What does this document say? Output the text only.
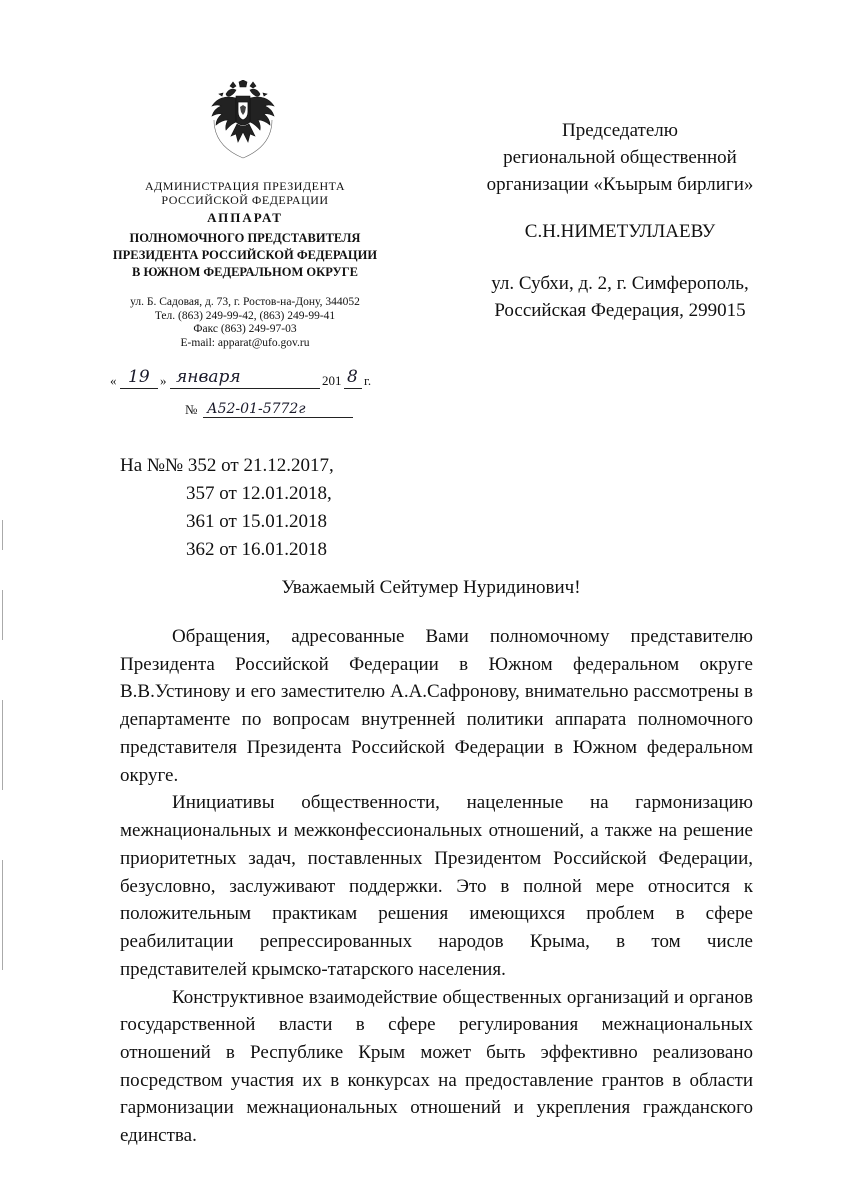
АДМИНИСТРАЦИЯ ПРЕЗИДЕНТА
РОССИЙСКОЙ ФЕДЕРАЦИИ
АППАРАТ
ПОЛНОМОЧНОГО ПРЕДСТАВИТЕЛЯ
ПРЕЗИДЕНТА РОССИЙСКОЙ ФЕДЕРАЦИИ
В ЮЖНОМ ФЕДЕРАЛЬНОМ ОКРУГЕ
ул. Б. Садовая, д. 73, г. Ростов-на-Дону, 344052
Тел. (863) 249-99-42, (863) 249-99-41
Факс (863) 249-97-03
E-mail: apparat@ufo.gov.ru
« 19 » января	201 8 г.
№ А52-01-5772г
Председателю
региональной общественной
организации «Къырым бирлиги»
С.Н.НИМЕТУЛЛАЕВУ
ул. Субхи, д. 2, г. Симферополь,
Российская Федерация, 299015
На №№ 352 от 21.12.2017,
357 от 12.01.2018,
361 от 15.01.2018
362 от 16.01.2018
Уважаемый Сейтумер Нуридинович!

Обращения, адресованные Вами полномочному представителю Президента Российской Федерации в Южном федеральном округе В.В.Устинову и его заместителю А.А.Сафронову, внимательно рассмотрены в департаменте по вопросам внутренней политики аппарата полномочного представителя Президента Российской Федерации в Южном федеральном округе.

Инициативы общественности, нацеленные на гармонизацию межнациональных и межконфессиональных отношений, а также на решение приоритетных задач, поставленных Президентом Российской Федерации, безусловно, заслуживают поддержки. Это в полной мере относится к положительным практикам решения имеющихся проблем в сфере реабилитации репрессированных народов Крыма, в том числе представителей крымско-татарского населения.

Конструктивное взаимодействие общественных организаций и органов государственной власти в сфере регулирования межнациональных отношений в Республике Крым может быть эффективно реализовано посредством участия их в конкурсах на предоставление грантов в области гармонизации межнациональных отношений и укрепления гражданского единства.
